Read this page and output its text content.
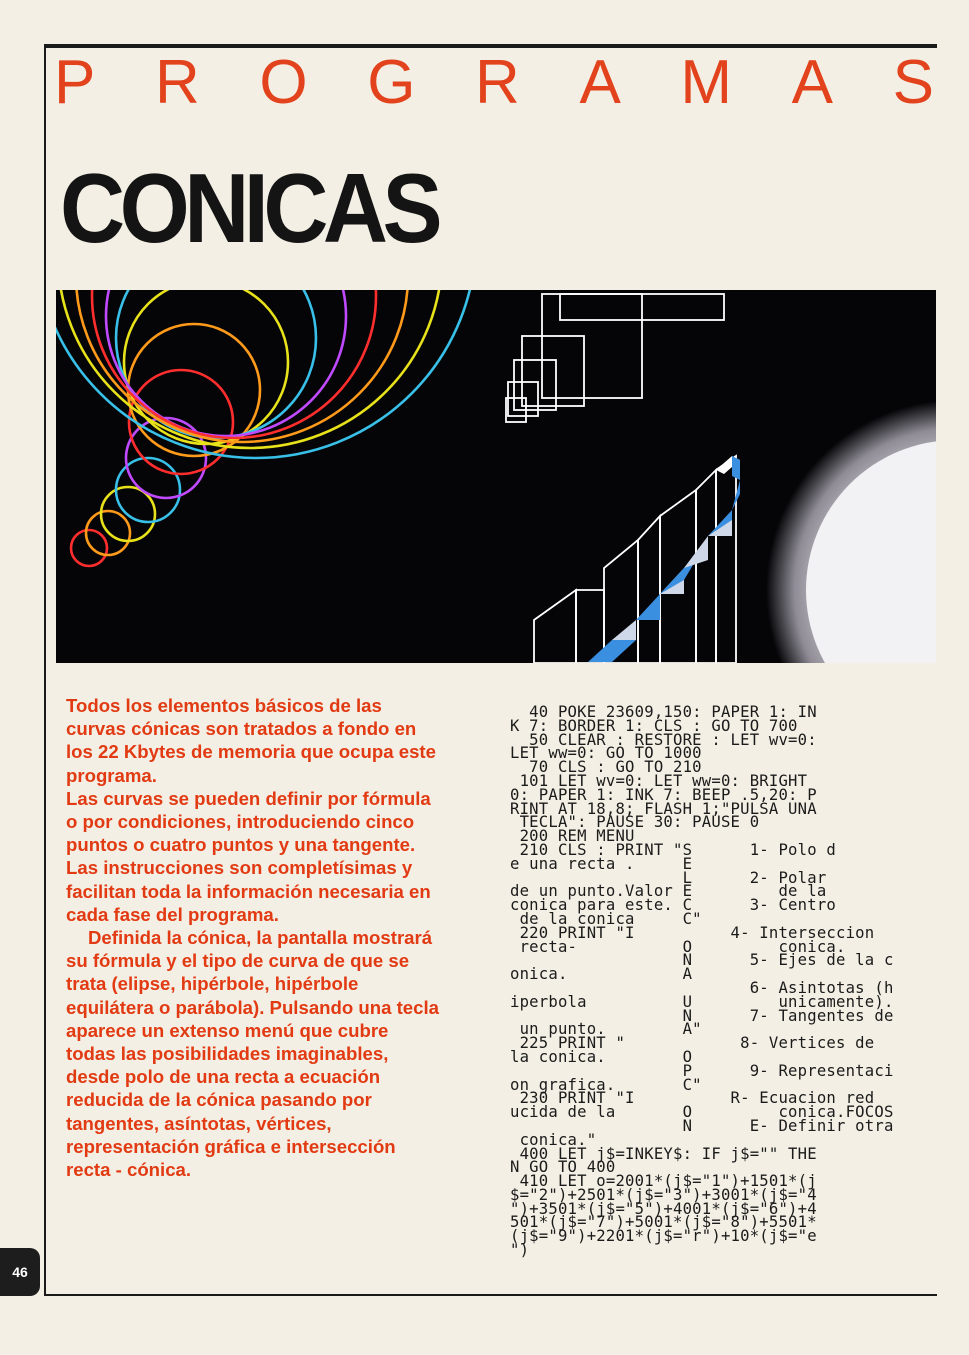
P R O G R A M A S
CONICAS

Todos los elementos básicos de las curvas cónicas son tratados a fondo en los 22 Kbytes de memoria que ocupa este programa.

Las curvas se pueden definir por fórmula o por condiciones, introduciendo cinco puntos o cuatro puntos y una tangente. Las instrucciones son completísimas y facilitan toda la información necesaria en cada fase del programa.

Definida la cónica, la pantalla mostrará su fórmula y el tipo de curva de que se trata (elipse, hipérbole, hipérbole equilátera o parábola). Pulsando una tecla aparece un extenso menú que cubre todas las posibilidades imaginables, desde polo de una recta a ecuación reducida de la cónica pasando por tangentes, asíntotas, vértices, representación gráfica e intersección recta - cónica.

40 POKE 23609,150: PAPER 1: IN
K 7: BORDER 1: CLS : GO TO 700
50 CLEAR : RESTORE : LET wv=0:
LET ww=0: GO TO 1000
70 CLS : GO TO 210
101 LET wv=0: LET ww=0: BRIGHT
0: PAPER 1: INK 7: BEEP .5,20: P
RINT AT 18,8; FLASH 1;"PULSA UNA
TECLA": PAUSE 30: PAUSE 0
200 REM MENU
210 CLS : PRINT "S      1- Polo d
e una recta .     E
L      2- Polar
de un punto.Valor E         de la
conica para este. C      3- Centro
de la conica     C"
220 PRINT "I          4- Interseccion
recta-           O         conica.
N      5- Ejes de la c
onica.            A
6- Asintotas (h
iperbola          U         unicamente).
N      7- Tangentes de
un punto.        A"
225 PRINT "            8- Vertices de
la conica.        O
P      9- Representaci
on grafica.       C"
230 PRINT "I          R- Ecuacion red
ucida de la       O         conica.FOCOS
N      E- Definir otra
conica."
400 LET j$=INKEY$: IF j$="" THE
N GO TO 400
410 LET o=2001*(j$="1")+1501*(j
$="2")+2501*(j$="3")+3001*(j$="4
")+3501*(j$="5")+4001*(j$="6")+4
501*(j$="7")+5001*(j$="8")+5501*
(j$="9")+2201*(j$="r")+10*(j$="e
")

46
